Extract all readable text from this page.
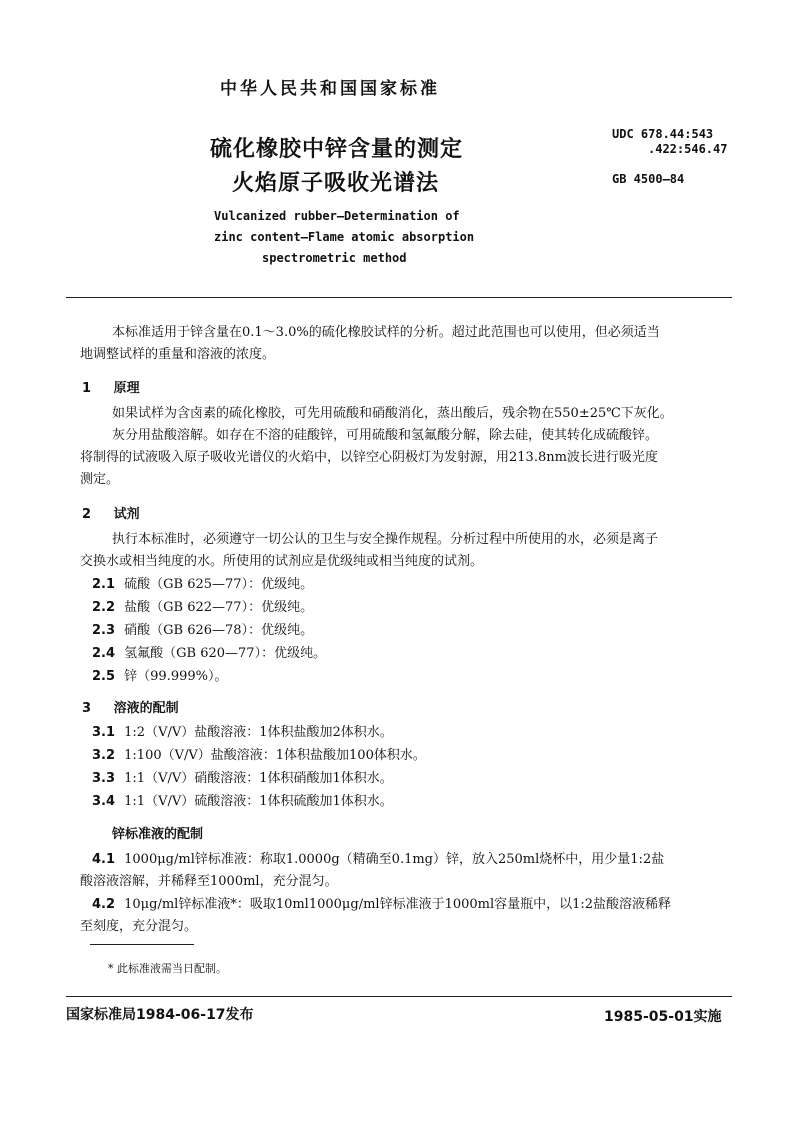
中华人民共和国国家标准
硫化橡胶中锌含量的测定
火焰原子吸收光谱法
UDC 678.44:543
.422:546.47
GB 4500—84
Vulcanized rubber—Determination of
zinc content—Flame atomic absorption
spectrometric method
本标准适用于锌含量在0.1～3.0%的硫化橡胶试样的分析。超过此范围也可以使用，但必须适当
地调整试样的重量和溶液的浓度。
1 原理
如果试样为含卤素的硫化橡胶，可先用硫酸和硝酸消化，蒸出酸后，残余物在550±25℃下灰化。
灰分用盐酸溶解。如存在不溶的硅酸锌，可用硫酸和氢氟酸分解，除去硅，使其转化成硫酸锌。
将制得的试液吸入原子吸收光谱仪的火焰中，以锌空心阴极灯为发射源，用213.8nm波长进行吸光度
测定。
2 试剂
执行本标准时，必须遵守一切公认的卫生与安全操作规程。分析过程中所使用的水，必须是离子
交换水或相当纯度的水。所使用的试剂应是优级纯或相当纯度的试剂。
2.1 硫酸（GB 625—77）：优级纯。
2.2 盐酸（GB 622—77）：优级纯。
2.3 硝酸（GB 626—78）：优级纯。
2.4 氢氟酸（GB 620—77）：优级纯。
2.5 锌（99.999%）。
3 溶液的配制
3.1 1:2（V/V）盐酸溶液：1体积盐酸加2体积水。
3.2 1:100（V/V）盐酸溶液：1体积盐酸加100体积水。
3.3 1:1（V/V）硝酸溶液：1体积硝酸加1体积水。
3.4 1:1（V/V）硫酸溶液：1体积硫酸加1体积水。
锌标准液的配制
4.1 1000μg/ml锌标准液：称取1.0000g（精确至0.1mg）锌，放入250ml烧杯中，用少量1:2盐
酸溶液溶解，并稀释至1000ml，充分混匀。
4.2 10μg/ml锌标准液*：吸取10ml1000μg/ml锌标准液于1000ml容量瓶中，以1:2盐酸溶液稀释
至刻度，充分混匀。
* 此标准液需当日配制。
国家标准局1984-06-17发布	1985-05-01实施
